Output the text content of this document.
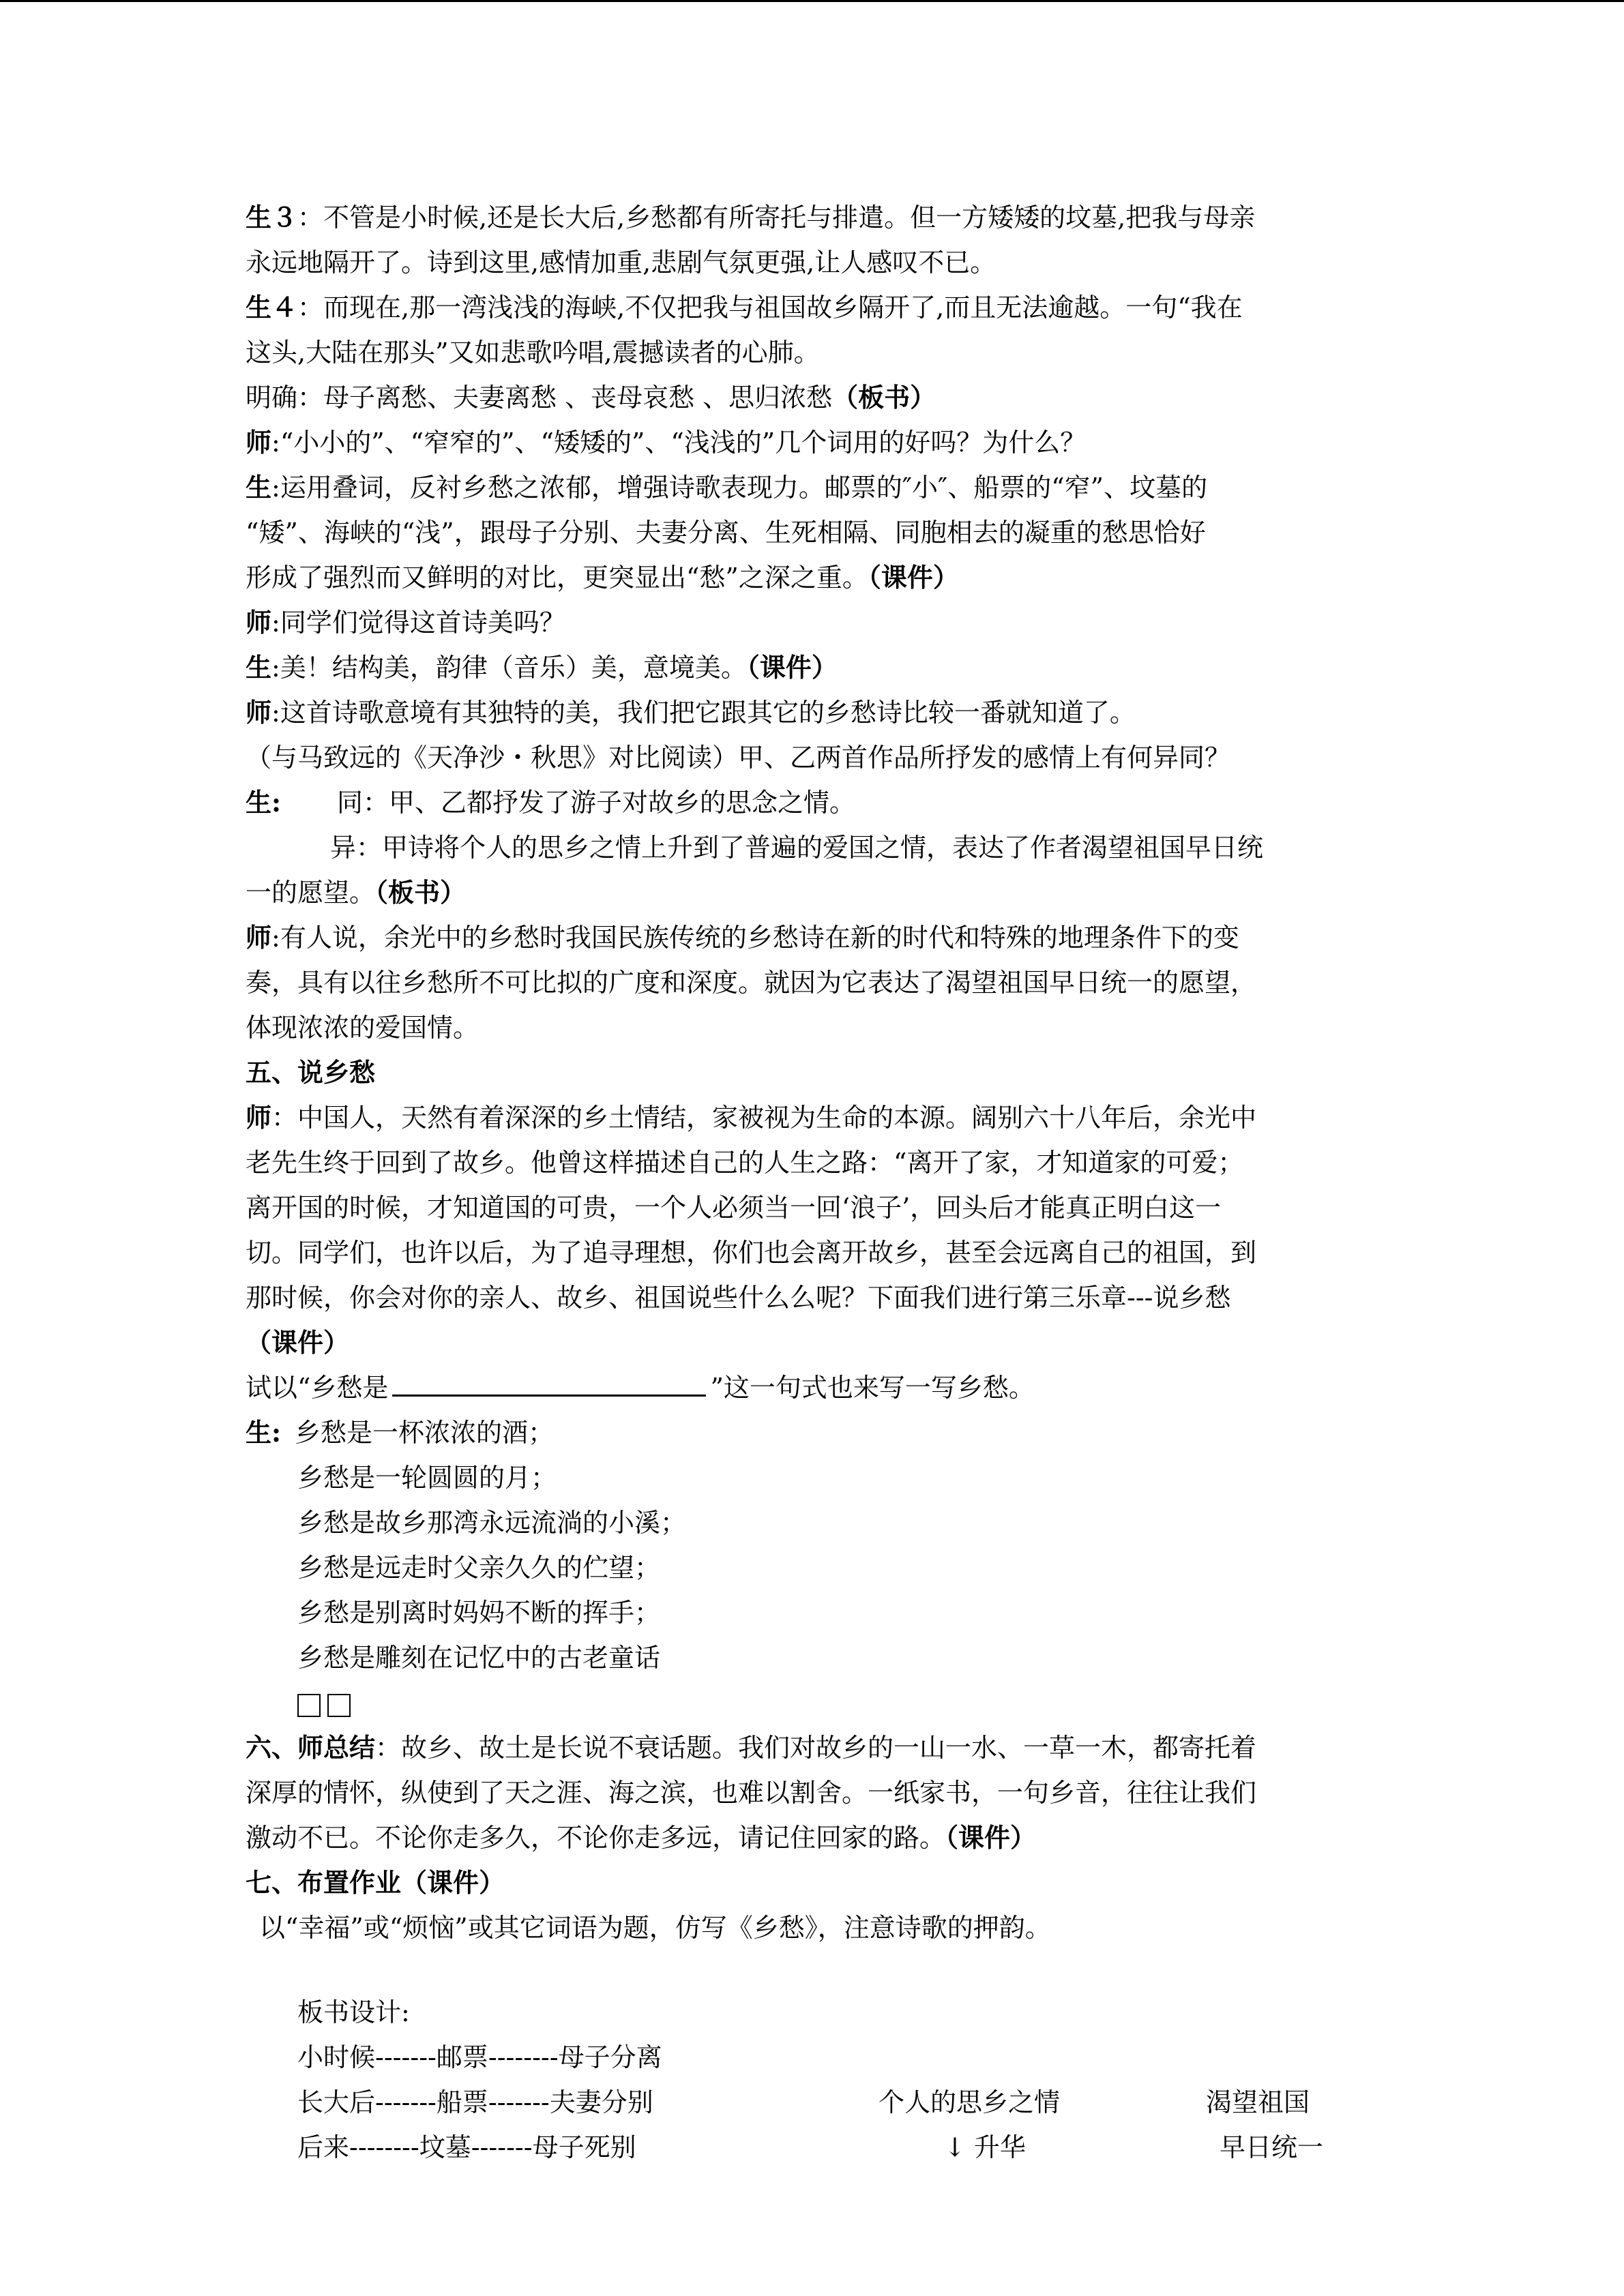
生３：不管是小时候,还是长大后,乡愁都有所寄托与排遣。但一方矮矮的坟墓,把我与母亲
永远地隔开了。诗到这里,感情加重,悲剧气氛更强,让人感叹不已。
生４：而现在,那一湾浅浅的海峡,不仅把我与祖国故乡隔开了,而且无法逾越。一句“我在
这头,大陆在那头”又如悲歌吟唱,震撼读者的心肺。
明确：母子离愁、夫妻离愁 、丧母哀愁 、思归浓愁（板书）
师:“小小的”、“窄窄的”、“矮矮的”、“浅浅的”几个词用的好吗？为什么？
生:运用叠词，反衬乡愁之浓郁，增强诗歌表现力。邮票的″小″、船票的“窄”、坟墓的
“矮”、海峡的“浅”，跟母子分别、夫妻分离、生死相隔、同胞相去的凝重的愁思恰好
形成了强烈而又鲜明的对比，更突显出“愁”之深之重。（课件）
师:同学们觉得这首诗美吗？
生:美！结构美，韵律（音乐）美，意境美。（课件）
师:这首诗歌意境有其独特的美，我们把它跟其它的乡愁诗比较一番就知道了。
（与马致远的《天净沙・秋思》对比阅读）甲、乙两首作品所抒发的感情上有何异同？
生: 同：甲、乙都抒发了游子对故乡的思念之情。
异：甲诗将个人的思乡之情上升到了普遍的爱国之情，表达了作者渴望祖国早日统
一的愿望。（板书）
师:有人说，余光中的乡愁时我国民族传统的乡愁诗在新的时代和特殊的地理条件下的变
奏，具有以往乡愁所不可比拟的广度和深度。就因为它表达了渴望祖国早日统一的愿望，
体现浓浓的爱国情。
五、说乡愁
师：中国人，天然有着深深的乡土情结，家被视为生命的本源。阔别六十八年后，余光中
老先生终于回到了故乡。他曾这样描述自己的人生之路：“离开了家，才知道家的可爱；
离开国的时候，才知道国的可贵，一个人必须当一回‘浪子’，回头后才能真正明白这一
切。同学们，也许以后，为了追寻理想，你们也会离开故乡，甚至会远离自己的祖国，到
那时候，你会对你的亲人、故乡、祖国说些什么么呢？下面我们进行第三乐章---说乡愁
（课件）
试以“乡愁是	”这一句式也来写一写乡愁。
生: 乡愁是一杯浓浓的酒；
乡愁是一轮圆圆的月；
乡愁是故乡那湾永远流淌的小溪；
乡愁是远走时父亲久久的伫望；
乡愁是别离时妈妈不断的挥手；
乡愁是雕刻在记忆中的古老童话
六、师总结：故乡、故土是长说不衰话题。我们对故乡的一山一水、一草一木，都寄托着
深厚的情怀，纵使到了天之涯、海之滨，也难以割舍。一纸家书，一句乡音，往往让我们
激动不已。不论你走多久，不论你走多远，请记住回家的路。（课件）
七、布置作业（课件）
以“幸福”或“烦恼”或其它词语为题，仿写《乡愁》，注意诗歌的押韵。
板书设计:
小时候-------邮票--------母子分离
长大后-------船票-------夫妻分别	个人的思乡之情	渴望祖国
后来--------坟墓-------母子死别	↓ 升华	早日统一
